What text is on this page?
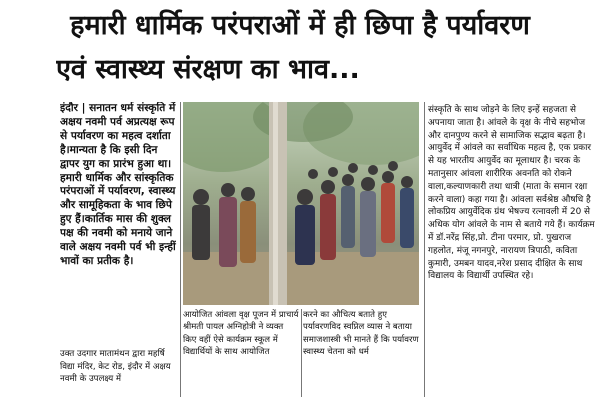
हमारी धार्मिक परंपराओं में ही छिपा है पर्यावरण
एवं स्वास्थ्य संरक्षण का भाव...
इंदौर | सनातन धर्म संस्कृति में अक्षय नवमी पर्व अप्रत्यक्ष रूप से पर्यावरण का महत्व दर्शाता है।मान्यता है कि इसी दिन द्वापर युग का प्रारंभ हुआ था।हमारी धार्मिक और सांस्कृतिक परंपराओं में पर्यावरण, स्वास्थ्य और सामूहिकता के भाव छिपे हुए हैं।कार्तिक मास की शुक्ल पक्ष की नवमी को मनाये जाने वाले अक्षय नवमी पर्व भी इन्हीं भावों का प्रतीक है।
उक्त उदगार मातामंथन द्वारा महर्षि विद्या मंदिर, केट रोड, इंदौर में अक्षय नवमी के उपलक्ष्य में
आयोजित आंवला वृक्ष पूजन में प्राचार्य श्रीमती पायल अग्निहोत्री ने व्यक्त किए वहीं ऐसे कार्यक्रम स्कूल में विद्यार्थियों के साथ आयोजित
करने का औचित्य बताते हुए पर्यावरणविद स्वप्निल व्यास ने बताया समाजशास्त्री भी मानते हैं कि पर्यावरण स्वास्थ्य चेतना को धर्म
संस्कृति के साथ जोड़ने के लिए इन्हें सहजता से अपनाया जाता है। आंवले के वृक्ष के नीचे सहभोज और दानपुण्य करने से सामाजिक सद्भाव बढ़ता है। आयुर्वेद में आंवले का सर्वाधिक महत्व है, एक प्रकार से यह भारतीय आयुर्वेद का मूलाधार है। चरक के मतानुसार आंवला शारीरिक अवनति को रोकने वाला,कल्याणकारी तथा धात्री (माता के समान रक्षा करने वाला) कहा गया है। आंवला सर्वश्रेष्ठ औषधि है लोकप्रिय आयुर्वेदिक ग्रंथ भेषज्य रत्नावली में 20 से अधिक योग आंवले के नाम से बताये गये हैं। कार्यक्रम में डॉ.नरेंद्र सिंह,प्रो. टीना परमार, प्रो. पुखराज गहलोत, मंजू नगनपुरे, नारायण त्रिपाठी, कविता कुमारी, उमबन यादव,नरेश प्रसाद दीक्षित के साथ विद्यालय के विद्यार्थी उपस्थित रहे।
